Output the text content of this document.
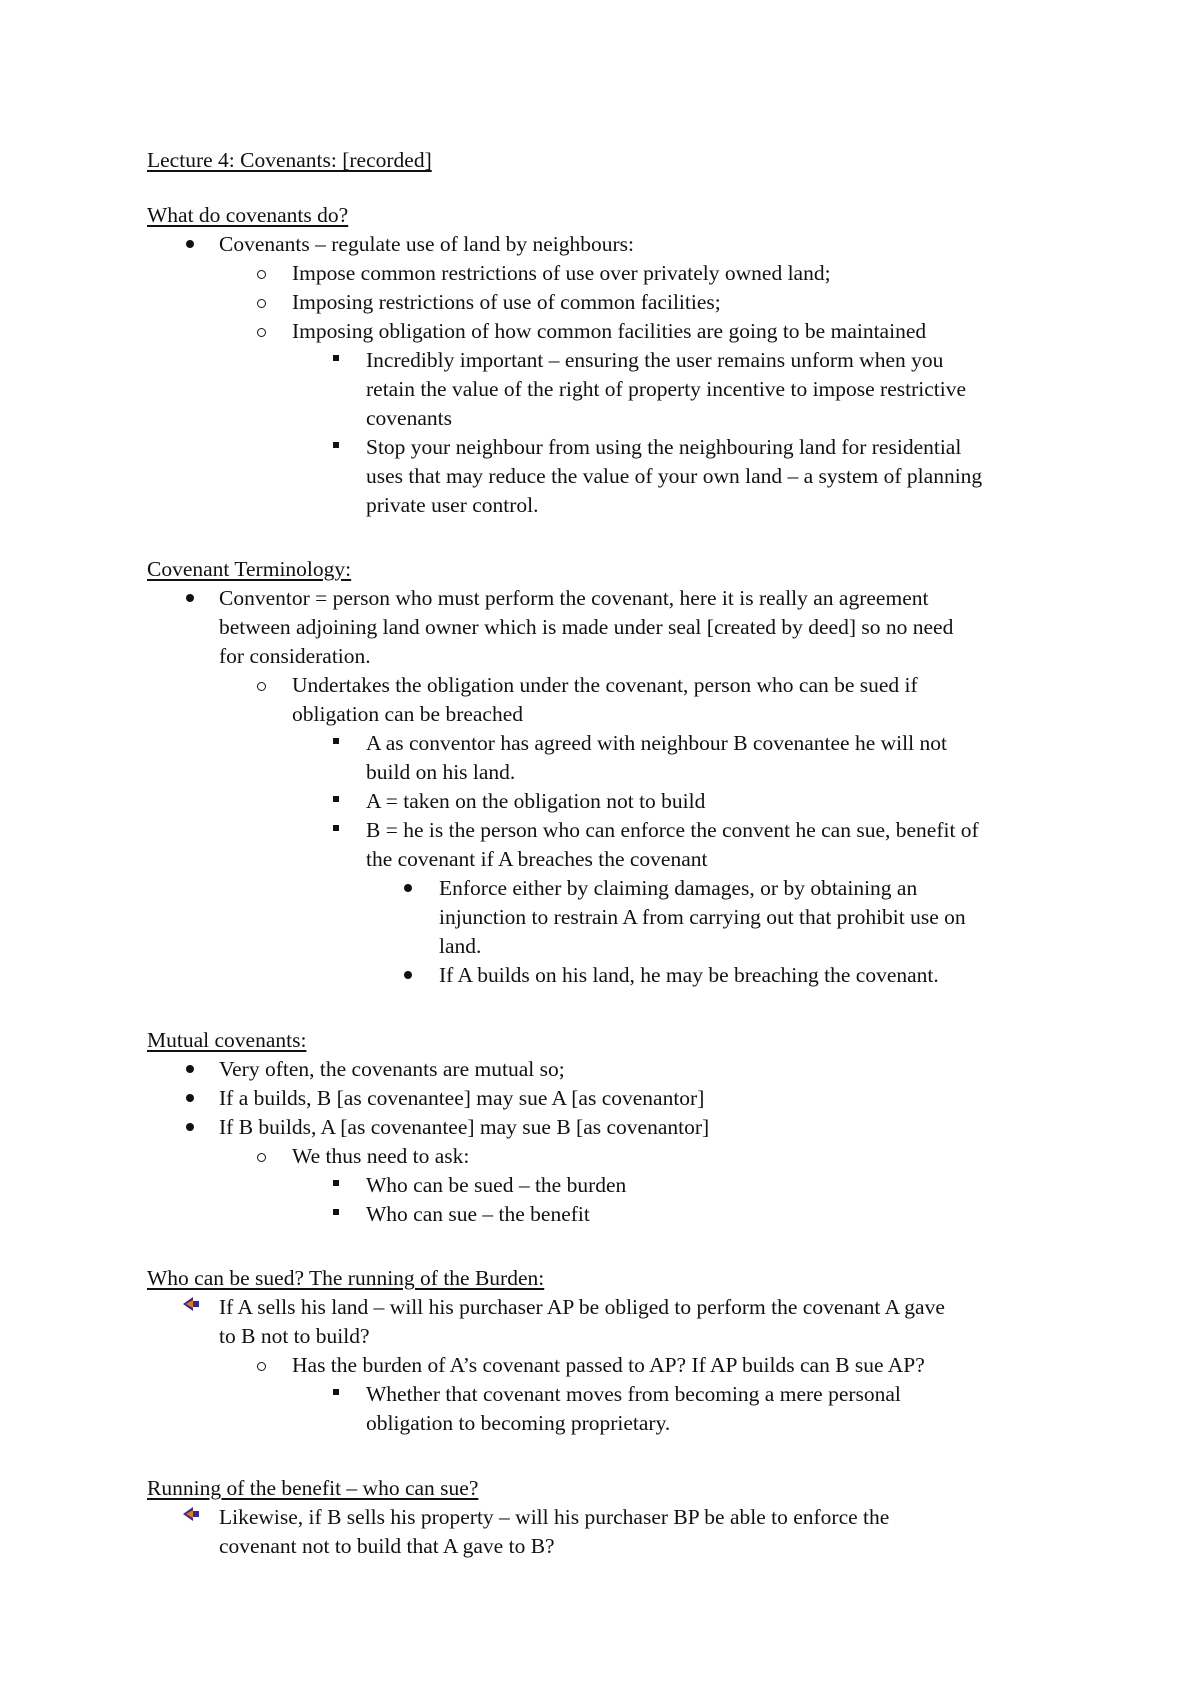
Lecture 4: Covenants: [recorded]
What do covenants do?
Covenants – regulate use of land by neighbours:
Impose common restrictions of use over privately owned land;
Imposing restrictions of use of common facilities;
Imposing obligation of how common facilities are going to be maintained
Incredibly important – ensuring the user remains unform when you
retain the value of the right of property incentive to impose restrictive
covenants
Stop your neighbour from using the neighbouring land for residential
uses that may reduce the value of your own land – a system of planning
private user control.
Covenant Terminology:
Conventor = person who must perform the covenant, here it is really an agreement
between adjoining land owner which is made under seal [created by deed] so no need
for consideration.
Undertakes the obligation under the covenant, person who can be sued if
obligation can be breached
A as conventor has agreed with neighbour B covenantee he will not
build on his land.
A = taken on the obligation not to build
B = he is the person who can enforce the convent he can sue, benefit of
the covenant if A breaches the covenant
Enforce either by claiming damages, or by obtaining an
injunction to restrain A from carrying out that prohibit use on
land.
If A builds on his land, he may be breaching the covenant.
Mutual covenants:
Very often, the covenants are mutual so;
If a builds, B [as covenantee] may sue A [as covenantor]
If B builds, A [as covenantee] may sue B [as covenantor]
We thus need to ask:
Who can be sued – the burden
Who can sue – the benefit
Who can be sued? The running of the Burden:
If A sells his land – will his purchaser AP be obliged to perform the covenant A gave
to B not to build?
Has the burden of A’s covenant passed to AP? If AP builds can B sue AP?
Whether that covenant moves from becoming a mere personal
obligation to becoming proprietary.
Running of the benefit – who can sue?
Likewise, if B sells his property – will his purchaser BP be able to enforce the
covenant not to build that A gave to B?
